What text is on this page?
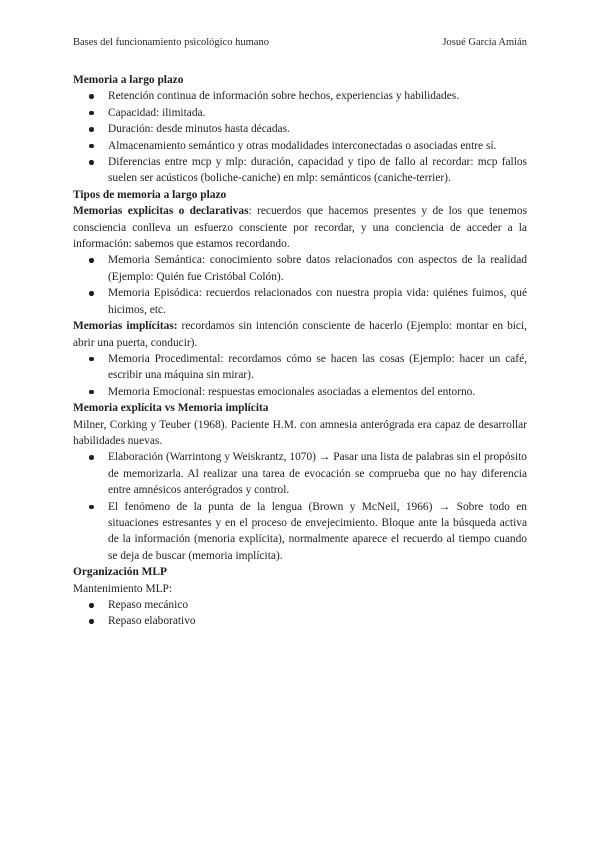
Bases del funcionamiento psicológico humano	Josué García Amián

Memoria a largo plazo

Retención continua de información sobre hechos, experiencias y habilidades.
Capacidad: ilimitada.
Duración: desde minutos hasta décadas.
Almacenamiento semántico y otras modalidades interconectadas o asociadas entre sí.
Diferencias entre mcp y mlp: duración, capacidad y tipo de fallo al recordar: mcp fallos suelen ser acústicos (boliche-caniche) en mlp: semánticos (caniche-terrier).

Tipos de memoria a largo plazo

Memorias explícitas o declarativas: recuerdos que hacemos presentes y de los que tenemos consciencia conlleva un esfuerzo consciente por recordar, y una conciencia de acceder a la información: sabemos que estamos recordando.

Memoria Semántica: conocimiento sobre datos relacionados con aspectos de la realidad (Ejemplo: Quién fue Cristóbal Colón).
Memoria Episódica: recuerdos relacionados con nuestra propia vida: quiénes fuimos, qué hicimos, etc.

Memorias implícitas: recordamos sin intención consciente de hacerlo (Ejemplo: montar en bici, abrir una puerta, conducir).

Memoria Procedimental: recordamos cómo se hacen las cosas (Ejemplo: hacer un café, escribir una máquina sin mirar).
Memoria Emocional: respuestas emocionales asociadas a elementos del entorno.

Memoria explícita vs Memoria implícita

Milner, Corking y Teuber (1968). Paciente H.M. con amnesia anterógrada era capaz de desarrollar habilidades nuevas.

Elaboración (Warrintong y Weiskrantz, 1070) → Pasar una lista de palabras sin el propósito de memorizarla. Al realizar una tarea de evocación se comprueba que no hay diferencia entre amnésicos anterógrados y control.
El fenómeno de la punta de la lengua (Brown y McNeil, 1966) → Sobre todo en situaciones estresantes y en el proceso de envejecimiento. Bloque ante la búsqueda activa de la información (menoria explícita), normalmente aparece el recuerdo al tiempo cuando se deja de buscar (memoria implícita).

Organización MLP

Mantenimiento MLP:

Repaso mecánico
Repaso elaborativo
